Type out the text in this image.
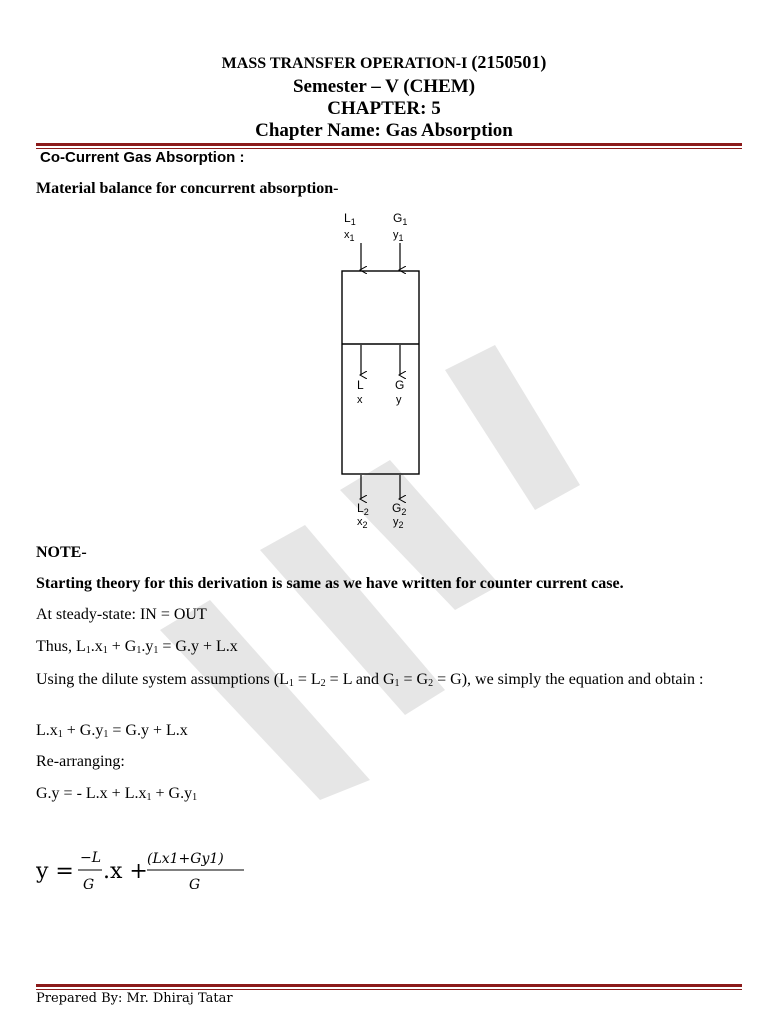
MASS TRANSFER OPERATION-I (2150501)
Semester – V (CHEM)
CHAPTER: 5
Chapter Name: Gas Absorption
Co-Current Gas Absorption :
Material balance for concurrent absorption-
$L_1$
$x_1$
$G_1$
$y_1$
L
x
G
y
$L_2$
$x_2$
$G_2$
$y_2$
NOTE-
Starting theory for this derivation is same as we have written for counter current case.
At steady-state: IN = OUT
Thus, $L_1.x_1 + G_1.y_1 = G.y + L.x$
Using the dilute system assumptions ($L_1 = L_2 = L$ and $G_1 = G_2 = G$), we simply the equation and obtain :
$L.x_1 + G.y_1 = G.y + L.x$
Re-arranging:
G.y = - $L.x + L.x_1 + G.y_1$
y =
−L
G
.x + (Lx1+Gy1)
G
Prepared By: Mr. Dhiraj Tatar
